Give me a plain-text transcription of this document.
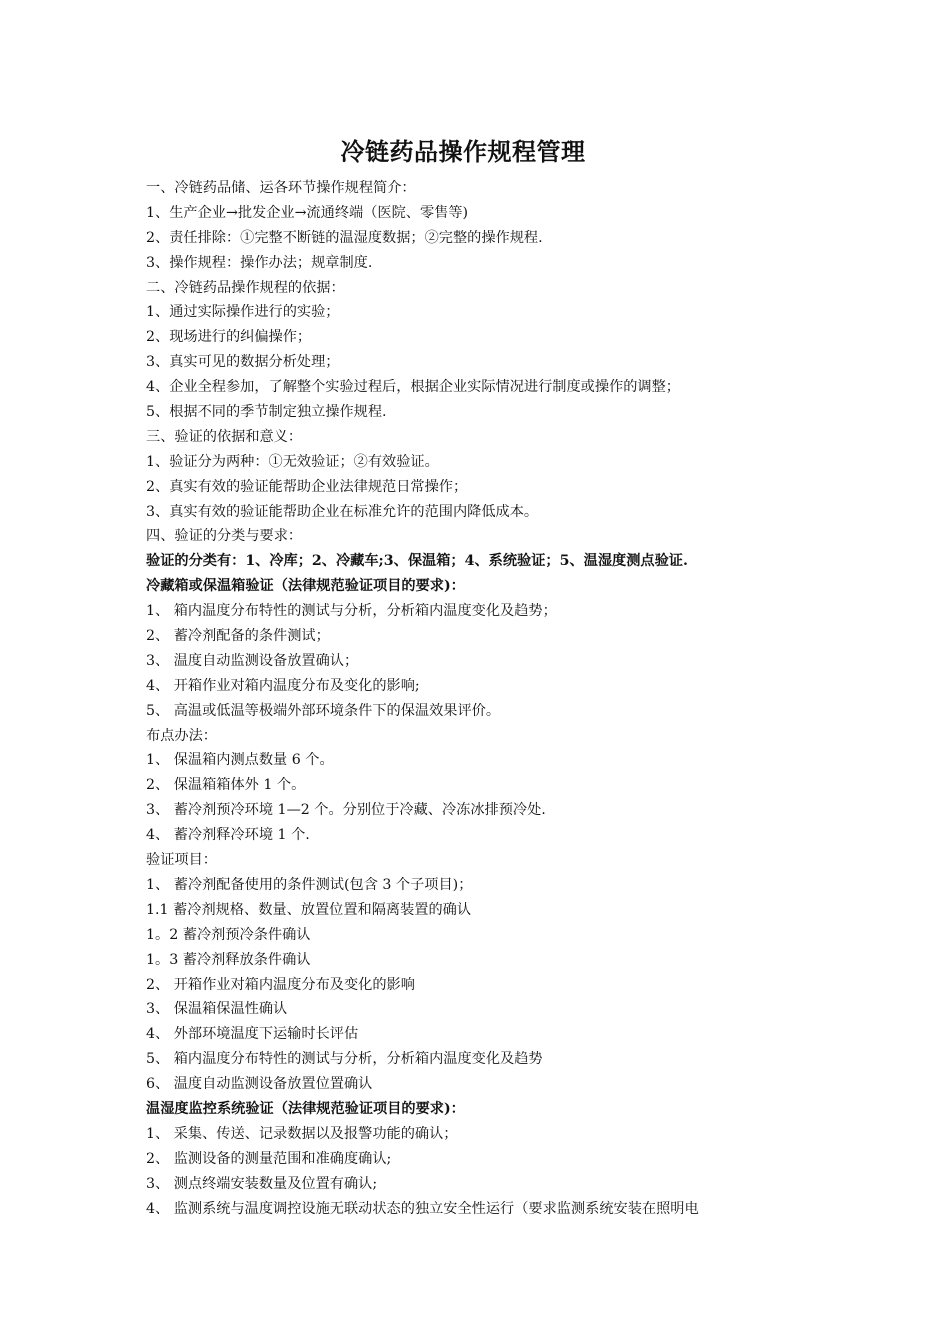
冷链药品操作规程管理
一、冷链药品储、运各环节操作规程简介：
1、生产企业→批发企业→流通终端（医院、零售等)
2、责任排除：①完整不断链的温湿度数据；②完整的操作规程.
3、操作规程：操作办法；规章制度.
二、冷链药品操作规程的依据：
1、通过实际操作进行的实验；
2、现场进行的纠偏操作；
3、真实可见的数据分析处理；
4、企业全程参加，了解整个实验过程后，根据企业实际情况进行制度或操作的调整；
5、根据不同的季节制定独立操作规程.
三、验证的依据和意义：
1、验证分为两种：①无效验证；②有效验证。
2、真实有效的验证能帮助企业法律规范日常操作；
3、真实有效的验证能帮助企业在标准允许的范围内降低成本。
四、验证的分类与要求：
验证的分类有：1、冷库；2、冷藏车;3、保温箱；4、系统验证；5、温湿度测点验证.
冷藏箱或保温箱验证（法律规范验证项目的要求)：
1、 箱内温度分布特性的测试与分析，分析箱内温度变化及趋势；
2、 蓄冷剂配备的条件测试；
3、 温度自动监测设备放置确认；
4、 开箱作业对箱内温度分布及变化的影响;
5、 高温或低温等极端外部环境条件下的保温效果评价。
布点办法：
1、 保温箱内测点数量 6 个。
2、 保温箱箱体外 1 个。
3、 蓄冷剂预冷环境 1—2 个。分别位于冷藏、冷冻冰排预冷处.
4、 蓄冷剂释冷环境 1 个.
验证项目：
1、 蓄冷剂配备使用的条件测试(包含 3 个子项目)；
1.1 蓄冷剂规格、数量、放置位置和隔离装置的确认
1。2 蓄冷剂预冷条件确认
1。3 蓄冷剂释放条件确认
2、 开箱作业对箱内温度分布及变化的影响
3、 保温箱保温性确认
4、 外部环境温度下运输时长评估
5、 箱内温度分布特性的测试与分析，分析箱内温度变化及趋势
6、 温度自动监测设备放置位置确认
温湿度监控系统验证（法律规范验证项目的要求)：
1、 采集、传送、记录数据以及报警功能的确认；
2、 监测设备的测量范围和准确度确认;
3、 测点终端安装数量及位置有确认;
4、 监测系统与温度调控设施无联动状态的独立安全性运行（要求监测系统安装在照明电
